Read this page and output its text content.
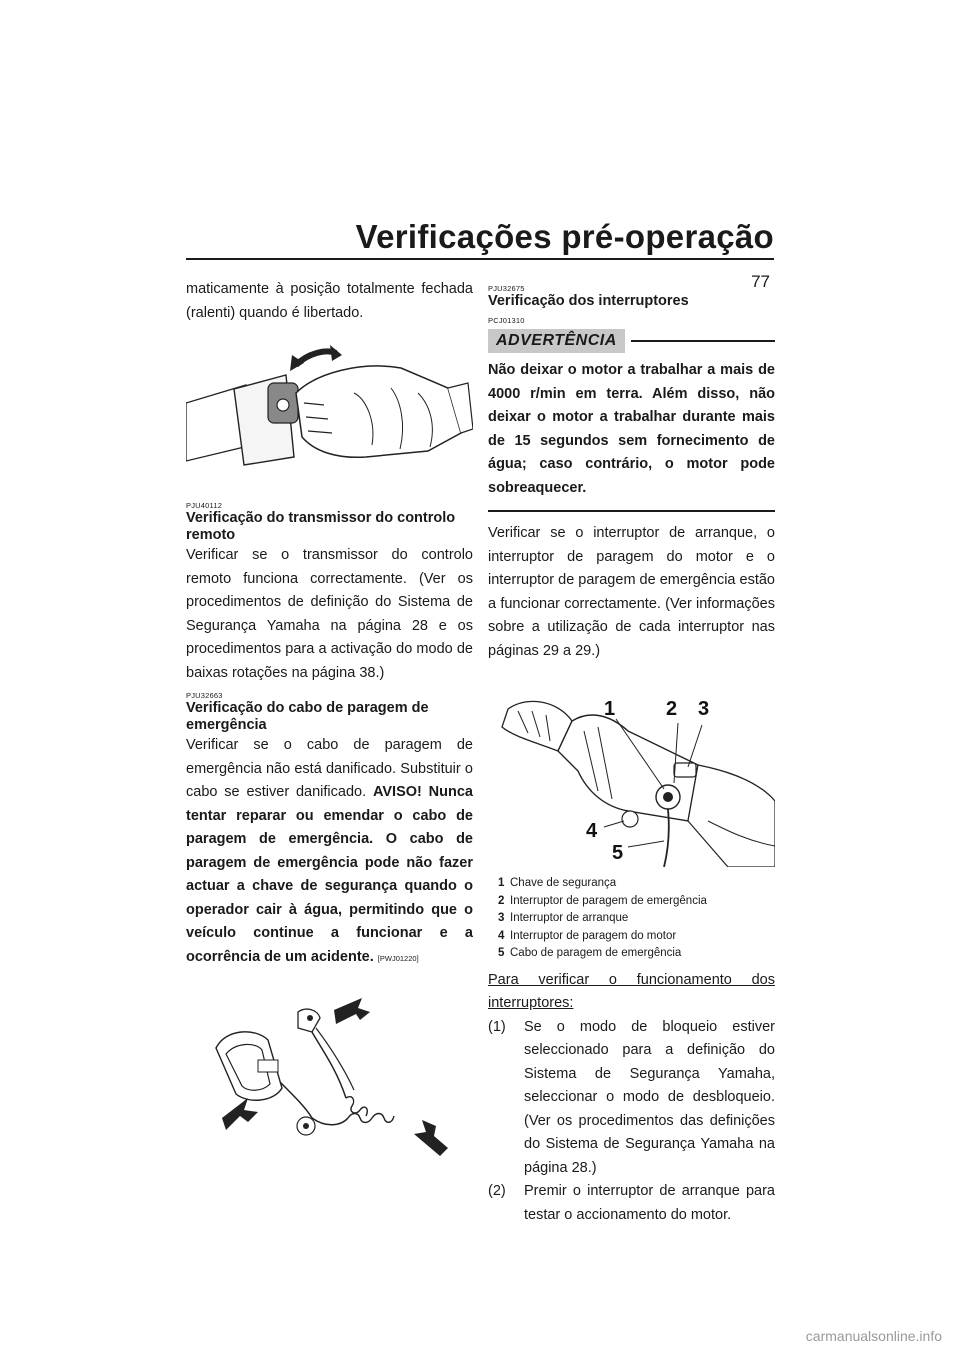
Verificações pré-operação
77

maticamente à posição totalmente fechada (ralenti) quando é libertado.

PJU40112
Verificação do transmissor do controlo remoto

Verificar se o transmissor do controlo remoto funciona correctamente. (Ver os procedimentos de definição do Sistema de Segurança Yamaha na página 28 e os procedimentos para a activação do modo de baixas rotações na página 38.)

PJU32663
Verificação do cabo de paragem de emergência

Verificar se o cabo de paragem de emergência não está danificado. Substituir o cabo se estiver danificado. AVISO! Nunca tentar reparar ou emendar o cabo de paragem de emergência. O cabo de paragem de emergência pode não fazer actuar a chave de segurança quando o operador cair à água, permitindo que o veículo continue a funcionar e a ocorrência de um acidente. [PWJ01220]

PJU32675
Verificação dos interruptores
PCJ01310
ADVERTÊNCIA

Não deixar o motor a trabalhar a mais de 4000 r/min em terra. Além disso, não deixar o motor a trabalhar durante mais de 15 segundos sem fornecimento de água; caso contrário, o motor pode sobreaquecer.

Verificar se o interruptor de arranque, o interruptor de paragem do motor e o interruptor de paragem de emergência estão a funcionar correctamente. (Ver informações sobre a utilização de cada interruptor nas páginas 29 a 29.)

1	2 3
4
5
1 Chave de segurança
2 Interruptor de paragem de emergência
3 Interruptor de arranque
4 Interruptor de paragem do motor
5 Cabo de paragem de emergência

Para verificar o funcionamento dos interruptores:

(1)	Se o modo de bloqueio estiver seleccionado para a definição do Sistema de Segurança Yamaha, seleccionar o modo de desbloqueio. (Ver os procedimentos das definições do Sistema de Segurança Yamaha na página 28.)
(2)	Premir o interruptor de arranque para testar o accionamento do motor.
carmanualsonline.info
